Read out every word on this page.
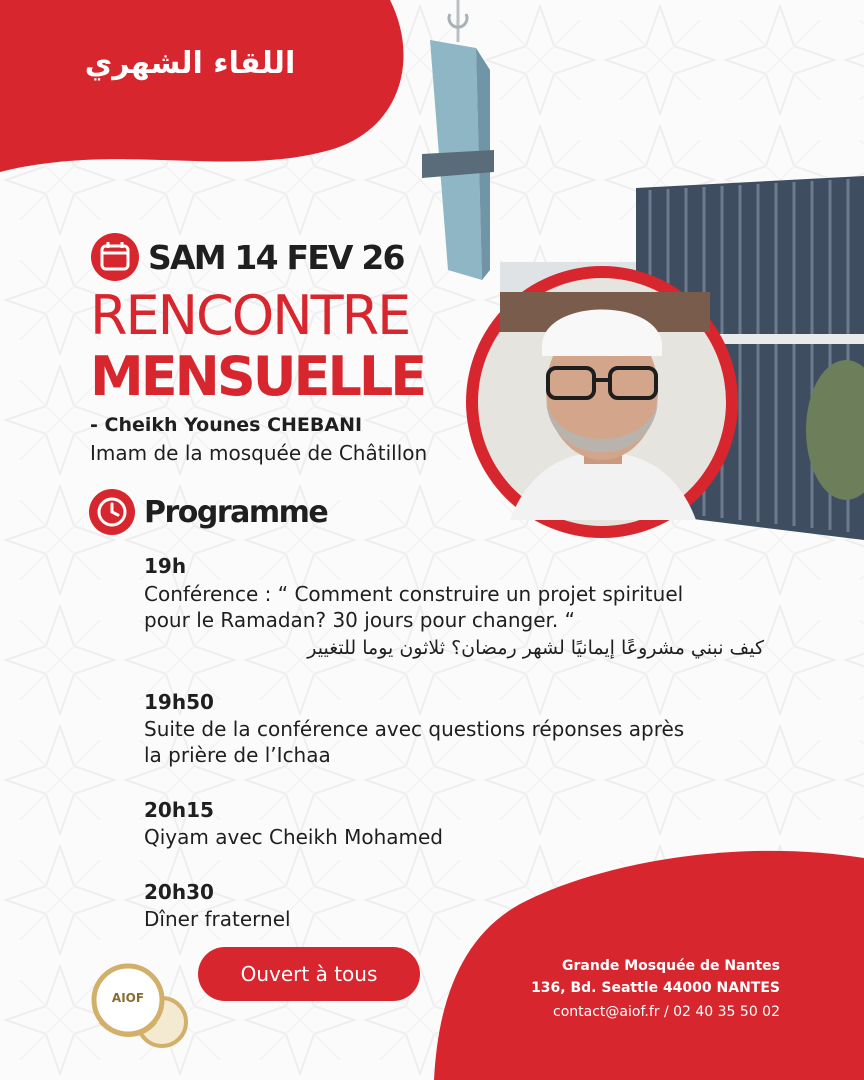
اللقاء الشهري
SAM 14 FEV 26
RENCONTRE
MENSUELLE
- Cheikh Younes CHEBANI
Imam de la mosquée de Châtillon
Programme
19h
Conférence : “ Comment construire un projet spirituel
pour le Ramadan? 30 jours pour changer. “
كيف نبني مشروعًا إيمانيًا لشهر رمضان؟ ثلاثون يوما للتغيير
19h50
Suite de la conférence avec questions réponses après
la prière de l’Ichaa
20h15
Qiyam avec Cheikh Mohamed
20h30
Dîner fraternel
Ouvert à tous
AIOF
Grande Mosquée de Nantes
136, Bd. Seattle 44000 NANTES
contact@aiof.fr / 02 40 35 50 02
